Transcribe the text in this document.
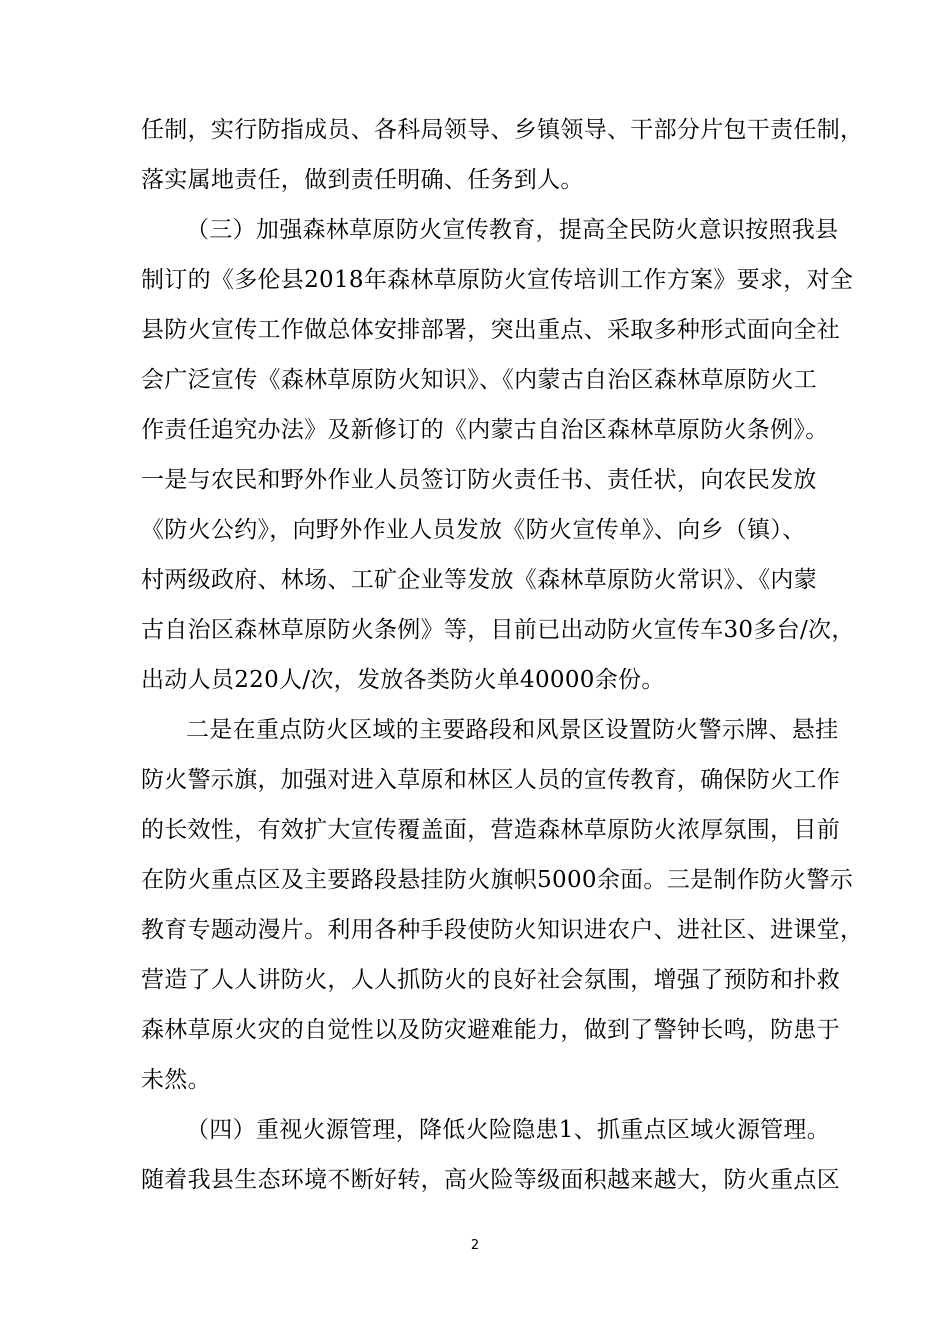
任制，实行防指成员、各科局领导、乡镇领导、干部分片包干责任制，
落实属地责任，做到责任明确、任务到人。
（三）加强森林草原防火宣传教育，提高全民防火意识按照我县
制订的《多伦县2018年森林草原防火宣传培训工作方案》要求，对全
县防火宣传工作做总体安排部署，突出重点、采取多种形式面向全社
会广泛宣传《森林草原防火知识》、《内蒙古自治区森林草原防火工
作责任追究办法》及新修订的《内蒙古自治区森林草原防火条例》。
一是与农民和野外作业人员签订防火责任书、责任状，向农民发放
《防火公约》，向野外作业人员发放《防火宣传单》、向乡（镇）、
村两级政府、林场、工矿企业等发放《森林草原防火常识》、《内蒙
古自治区森林草原防火条例》等，目前已出动防火宣传车30多台/次，
出动人员220人/次，发放各类防火单40000余份。
二是在重点防火区域的主要路段和风景区设置防火警示牌、悬挂
防火警示旗，加强对进入草原和林区人员的宣传教育，确保防火工作
的长效性，有效扩大宣传覆盖面，营造森林草原防火浓厚氛围，目前
在防火重点区及主要路段悬挂防火旗帜5000余面。三是制作防火警示
教育专题动漫片。利用各种手段使防火知识进农户、进社区、进课堂，
营造了人人讲防火，人人抓防火的良好社会氛围，增强了预防和扑救
森林草原火灾的自觉性以及防灾避难能力，做到了警钟长鸣，防患于
未然。
（四）重视火源管理，降低火险隐患1、抓重点区域火源管理。
随着我县生态环境不断好转，高火险等级面积越来越大，防火重点区
2
